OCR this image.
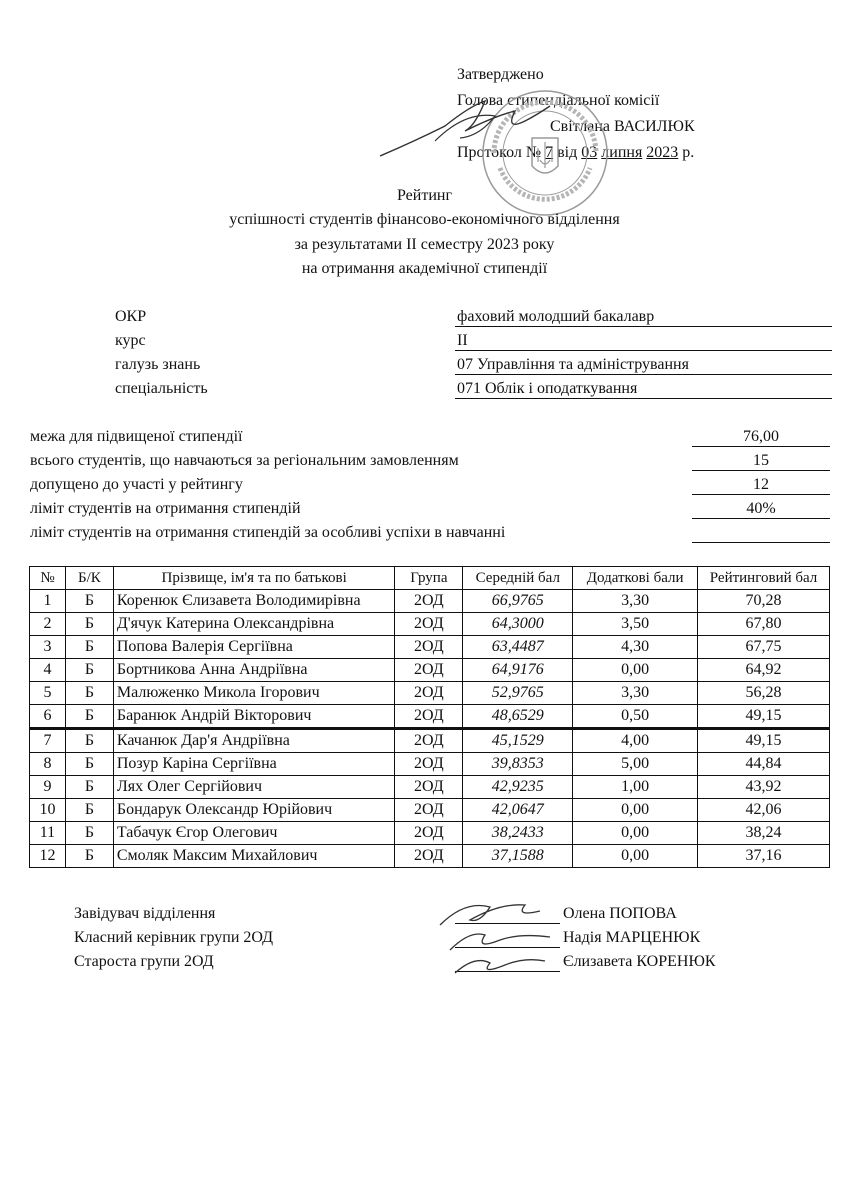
Затверджено
Голова стипендіальної комісії
Світлана ВАСИЛЮК
Протокол № 7 від 03 липня 2023 р.
Рейтинг
успішності студентів фінансово-економічного відділення
за результатами II семестру 2023 року
на отримання академічної стипендії
ОКР	фаховий молодший бакалавр
курс	II
галузь знань	07 Управління та адміністрування
спеціальність	071 Облік і оподаткування
межа для підвищеної стипендії	76,00
всього студентів, що навчаються за регіональним замовленням	15
допущено до участі у рейтингу	12
ліміт студентів на отримання стипендій	40%
ліміт студентів на отримання стипендій за особливі успіхи в навчанні
№	Б/К	Прізвище, ім'я та по батькові	Група	Середній бал	Додаткові бали	Рейтинговий бал
1	Б	Коренюк Єлизавета Володимирівна	2ОД	66,9765	3,30	70,28
2	Б	Д'ячук Катерина Олександрівна	2ОД	64,3000	3,50	67,80
3	Б	Попова Валерія Сергіївна	2ОД	63,4487	4,30	67,75
4	Б	Бортникова Анна Андріївна	2ОД	64,9176	0,00	64,92
5	Б	Малюженко Микола Ігорович	2ОД	52,9765	3,30	56,28
6	Б	Баранюк Андрій Вікторович	2ОД	48,6529	0,50	49,15
7	Б	Качанюк Дар'я Андріївна	2ОД	45,1529	4,00	49,15
8	Б	Позур Каріна Сергіївна	2ОД	39,8353	5,00	44,84
9	Б	Лях Олег Сергійович	2ОД	42,9235	1,00	43,92
10	Б	Бондарук Олександр Юрійович	2ОД	42,0647	0,00	42,06
11	Б	Табачук Єгор Олегович	2ОД	38,2433	0,00	38,24
12	Б	Смоляк Максим Михайлович	2ОД	37,1588	0,00	37,16
Завідувач відділення	Олена ПОПОВА
Класний керівник групи 2ОД	Надія МАРЦЕНЮК
Староста групи 2ОД	Єлизавета КОРЕНЮК
